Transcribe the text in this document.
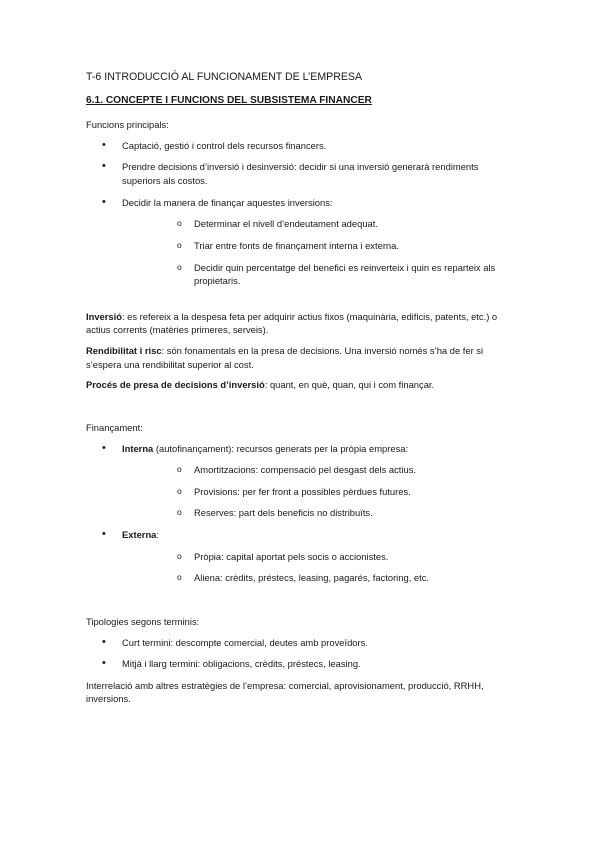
T-6 INTRODUCCIÓ AL FUNCIONAMENT DE L’EMPRESA
6.1. CONCEPTE I FUNCIONS DEL SUBSISTEMA FINANCER

Funcions principals:

• Captació, gestió i control dels recursos financers.
• Prendre decisions d’inversió i desinversió: decidir si una inversió generarà rendiments superiors als costos.
• Decidir la manera de finançar aquestes inversions:
o Determinar el nivell d’endeutament adequat.
o Triar entre fonts de finançament interna i externa.
o Decidir quin percentatge del benefici es reinverteix i quin es reparteix als propietaris.

Inversió: es refereix a la despesa feta per adquirir actius fixos (maquinària, edificis, patents, etc.) o actius corrents (matèries primeres, serveis).

Rendibilitat i risc: són fonamentals en la presa de decisions. Una inversió només s’ha de fer si s’espera una rendibilitat superior al cost.

Procés de presa de decisions d’inversió: quant, en què, quan, qui i com finançar.

Finançament:

• Interna (autofinançament): recursos generats per la pròpia empresa:
o Amortitzacions: compensació pel desgast dels actius.
o Provisions: per fer front a possibles pèrdues futures.
o Reserves: part dels beneficis no distribuïts.
• Externa:
o Pròpia: capital aportat pels socis o accionistes.
o Aliena: crèdits, préstecs, leasing, pagarés, factoring, etc.

Tipologies segons terminis:

• Curt termini: descompte comercial, deutes amb proveïdors.
• Mitjà i llarg termini: obligacions, crèdits, préstecs, leasing.

Interrelació amb altres estratègies de l’empresa: comercial, aprovisionament, producció, RRHH, inversions.
